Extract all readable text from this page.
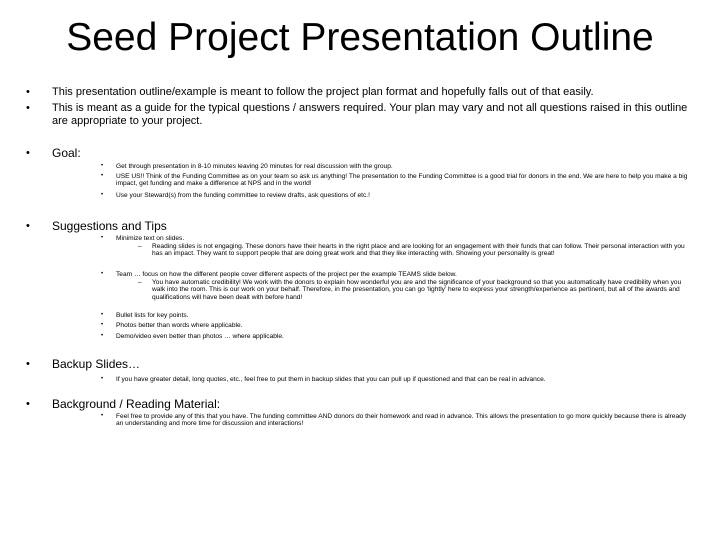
Seed Project Presentation Outline
• This presentation outline/example is meant to follow the project plan format and hopefully falls out of that easily.
• This is meant as a guide for the typical questions / answers required. Your plan may vary and not all questions raised in this outline are appropriate to your project.
• Goal:
• Get through presentation in 8-10 minutes leaving 20 minutes for real discussion with the group.
• USE US!! Think of the Funding Committee as on your team so ask us anything! The presentation to the Funding Committee is a good trial for donors in the end. We are here to help you make a big impact, get funding and make a difference at NPS and in the world!
• Use your Steward(s) from the funding committee to review drafts, ask questions of etc.!
• Suggestions and Tips
• Minimize text on slides.
– Reading slides is not engaging. These donors have their hearts in the right place and are looking for an engagement with their funds that can follow. Their personal interaction with you has an impact. They want to support people that are doing great work and that they like interacting with. Showing your personality is great!
• Team … focus on how the different people cover different aspects of the project per the example TEAMS slide below.
– You have automatic credibility! We work with the donors to explain how wonderful you are and the significance of your background so that you automatically have credibility when you walk into the room. This is our work on your behalf. Therefore, in the presentation, you can go ‘lightly’ here to express your strength/experience as pertinent, but all of the awards and qualifications will have been dealt with before hand!
• Bullet lists for key points.
• Photos better than words where applicable.
• Demo/video even better than photos … where applicable.
• Backup Slides…
• If you have greater detail, long quotes, etc., feel free to put them in backup slides that you can pull up if questioned and that can be real in advance.
• Background / Reading Material:
• Feel free to provide any of this that you have. The funding committee AND donors do their homework and read in advance. This allows the presentation to go more quickly because there is already an understanding and more time for discussion and interactions!
